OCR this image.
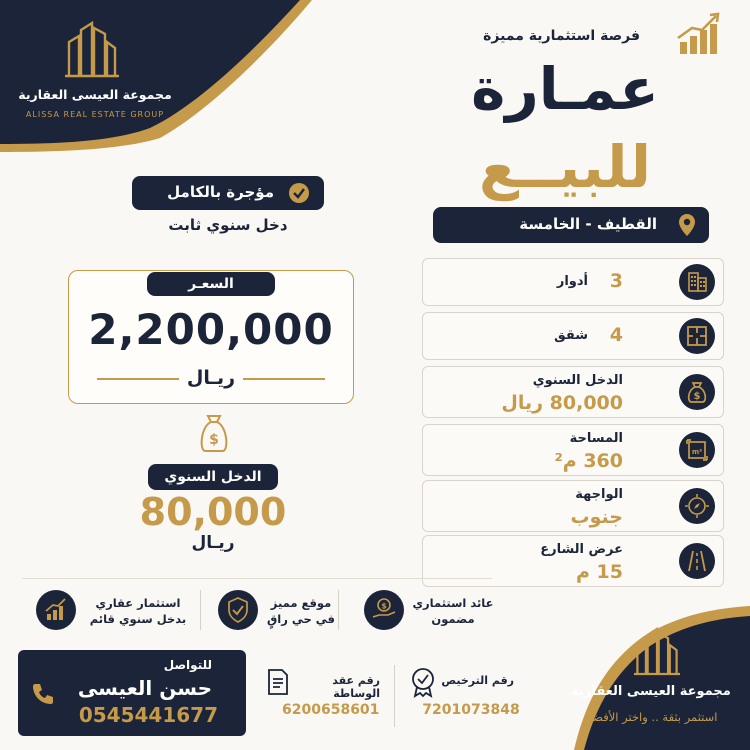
مجموعة العيسى العقارية
ALISSA REAL ESTATE GROUP
فرصة استثمارية مميزة
عمـارة
للبيــع
القطيف - الخامسة
3
أدوار
4
شقق
$
الدخل السنوي
80,000 ريال
m²
المساحة
360 م²
الواجهة
جنوب
عرض الشارع
15 م
مؤجرة بالكامل
دخل سنوي ثابت
السعـر
2,200,000
ريـال
$
الدخل السنوي
80,000
ريـال
$	عائد استثماري
مضمون
موقع مميز
في حي راقٍ
استثمار عقاري
بدخل سنوي قائم
للتواصل
حسن العيسى
0545441677
رقم عقد الوساطة
6200658601
رقم الترخيص
7201073848
مجموعة العيسى العقارية
استثمر بثقة .. واختر الأفضل
